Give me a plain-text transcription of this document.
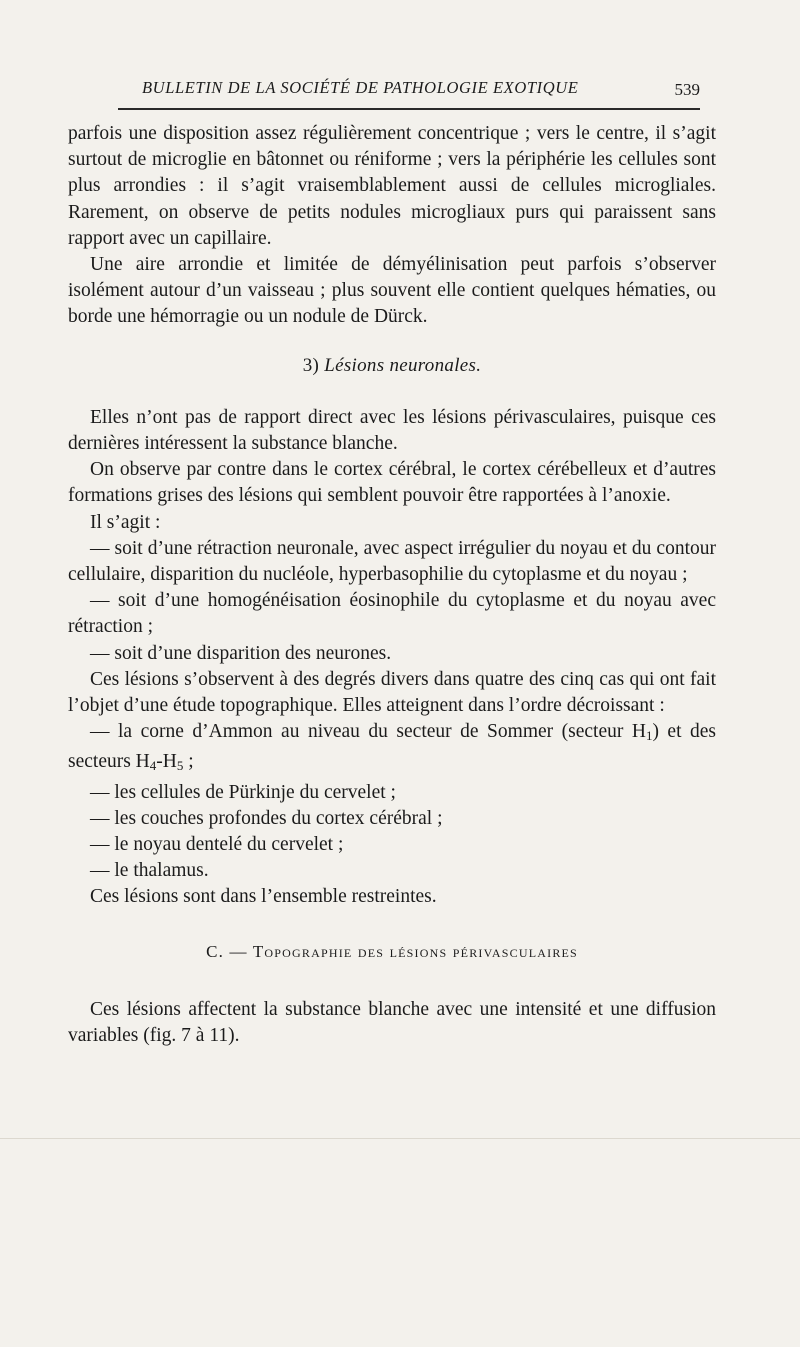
BULLETIN DE LA SOCIÉTÉ DE PATHOLOGIE EXOTIQUE	539

parfois une disposition assez régulièrement concentrique ; vers le centre, il s’agit surtout de microglie en bâtonnet ou réniforme ; vers la périphérie les cellules sont plus arrondies : il s’agit vraisemblablement aussi de cellules microgliales. Rarement, on observe de petits nodules microgliaux purs qui paraissent sans rapport avec un capillaire.

Une aire arrondie et limitée de démyélinisation peut parfois s’observer isolément autour d’un vaisseau ; plus souvent elle contient quelques hématies, ou borde une hémorragie ou un nodule de Dürck.

3) Lésions neuronales.

Elles n’ont pas de rapport direct avec les lésions périvasculaires, puisque ces dernières intéressent la substance blanche.

On observe par contre dans le cortex cérébral, le cortex cérébelleux et d’autres formations grises des lésions qui semblent pouvoir être rapportées à l’anoxie.

Il s’agit :

— soit d’une rétraction neuronale, avec aspect irrégulier du noyau et du contour cellulaire, disparition du nucléole, hyperbasophilie du cytoplasme et du noyau ;

— soit d’une homogénéisation éosinophile du cytoplasme et du noyau avec rétraction ;

— soit d’une disparition des neurones.

Ces lésions s’observent à des degrés divers dans quatre des cinq cas qui ont fait l’objet d’une étude topographique. Elles atteignent dans l’ordre décroissant :

— la corne d’Ammon au niveau du secteur de Sommer (secteur $H_1$) et des secteurs $H_4-H_5$ ;

— les cellules de Pürkinje du cervelet ;

— les couches profondes du cortex cérébral ;

— le noyau dentelé du cervelet ;

— le thalamus.

Ces lésions sont dans l’ensemble restreintes.

C. — Topographie des lésions périvasculaires

Ces lésions affectent la substance blanche avec une intensité et une diffusion variables (fig. 7 à 11).
